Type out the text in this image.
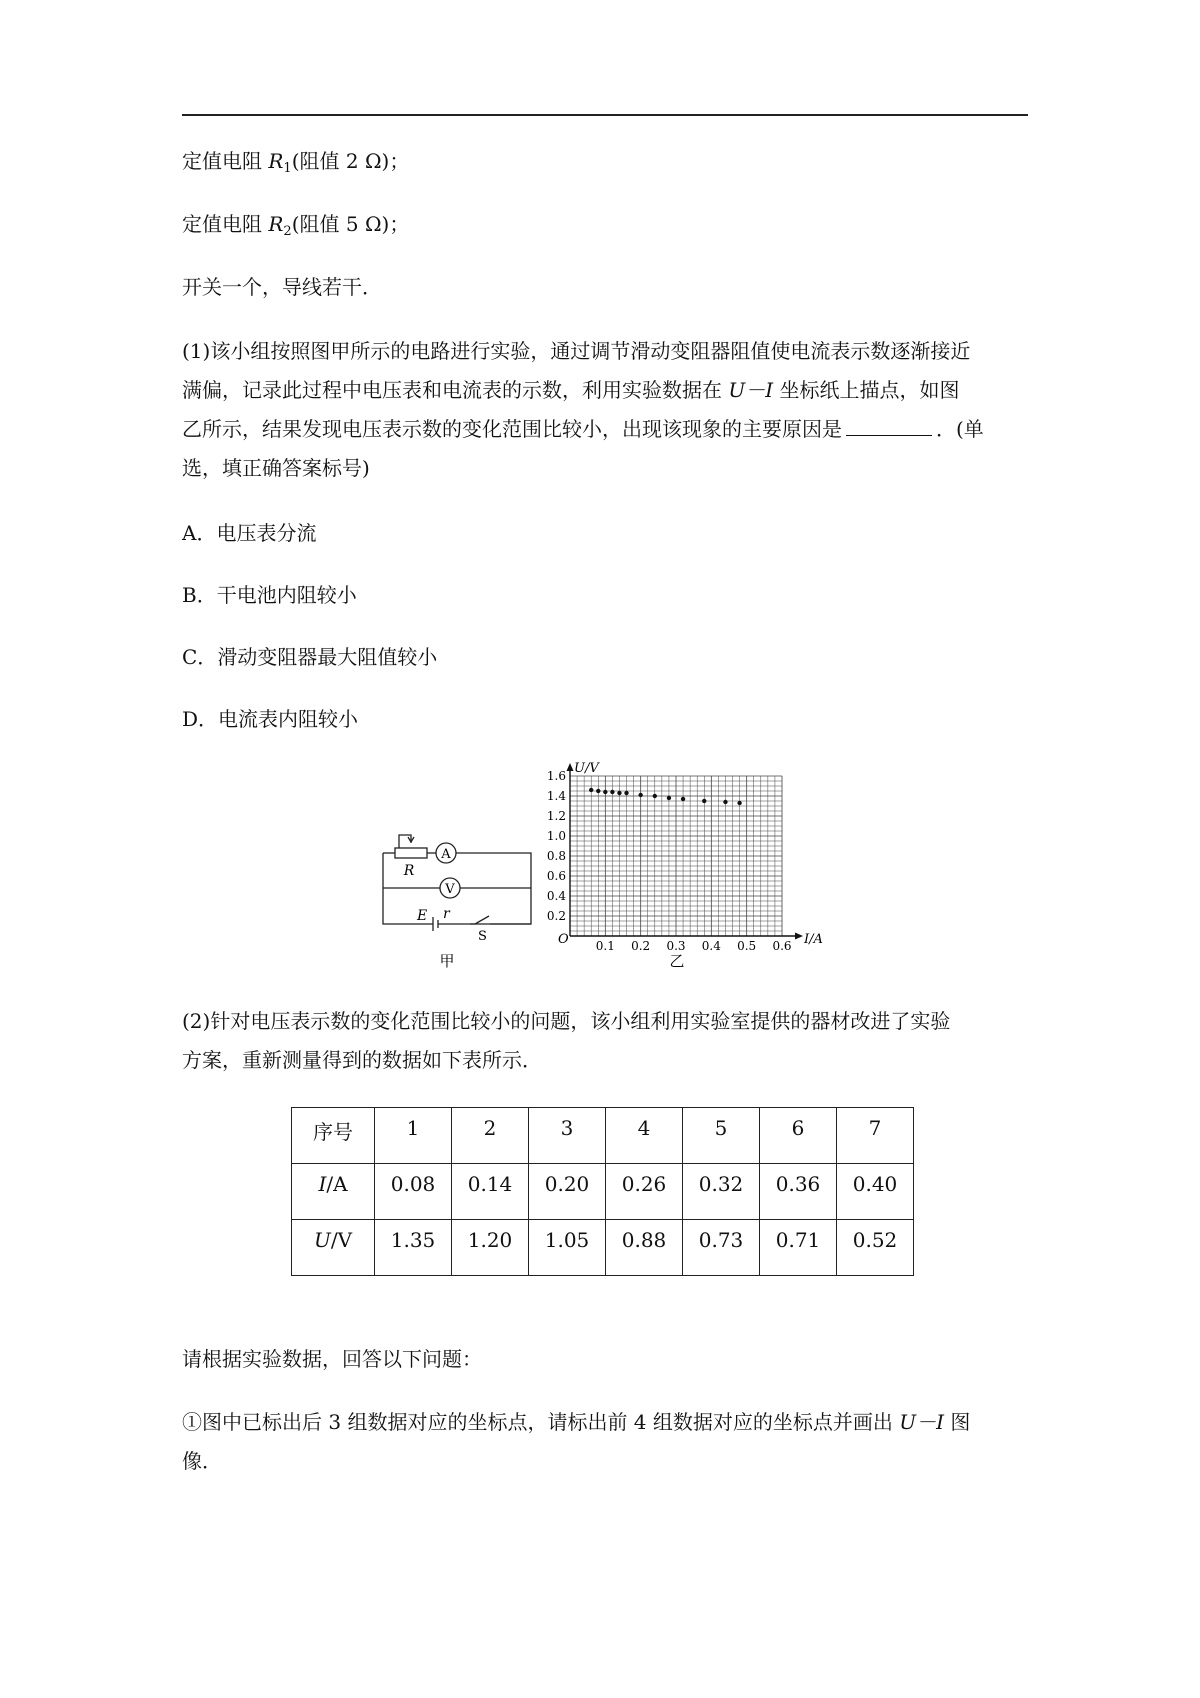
定值电阻 $R_1$(阻值 2 Ω)；
定值电阻 $R_2$(阻值 5 Ω)；
开关一个，导线若干．
(1)该小组按照图甲所示的电路进行实验，通过调节滑动变阻器阻值使电流表示数逐渐接近
满偏，记录此过程中电压表和电流表的示数，利用实验数据在 U－I 坐标纸上描点，如图
乙所示，结果发现电压表示数的变化范围比较小，出现该现象的主要原因是	．(单
选，填正确答案标号)
A．电压表分流
B．干电池内阻较小
C．滑动变阻器最大阻值较小
D．电流表内阻较小
A
V
R
E r
S
甲
U/V
I/A
O
0.2
0.4
0.6
0.8
1.0
1.2
1.4
1.6
0.1 0.2 0.3 0.4 0.5 0.6
乙
(2)针对电压表示数的变化范围比较小的问题，该小组利用实验室提供的器材改进了实验
方案，重新测量得到的数据如下表所示．
序号	1	2	3	4	5	6	7
I/A	0.08	0.14	0.20	0.26	0.32	0.36	0.40
U/V	1.35	1.20	1.05	0.88	0.73	0.71	0.52
请根据实验数据，回答以下问题：
①图中已标出后 3 组数据对应的坐标点，请标出前 4 组数据对应的坐标点并画出 U－I 图
像．
